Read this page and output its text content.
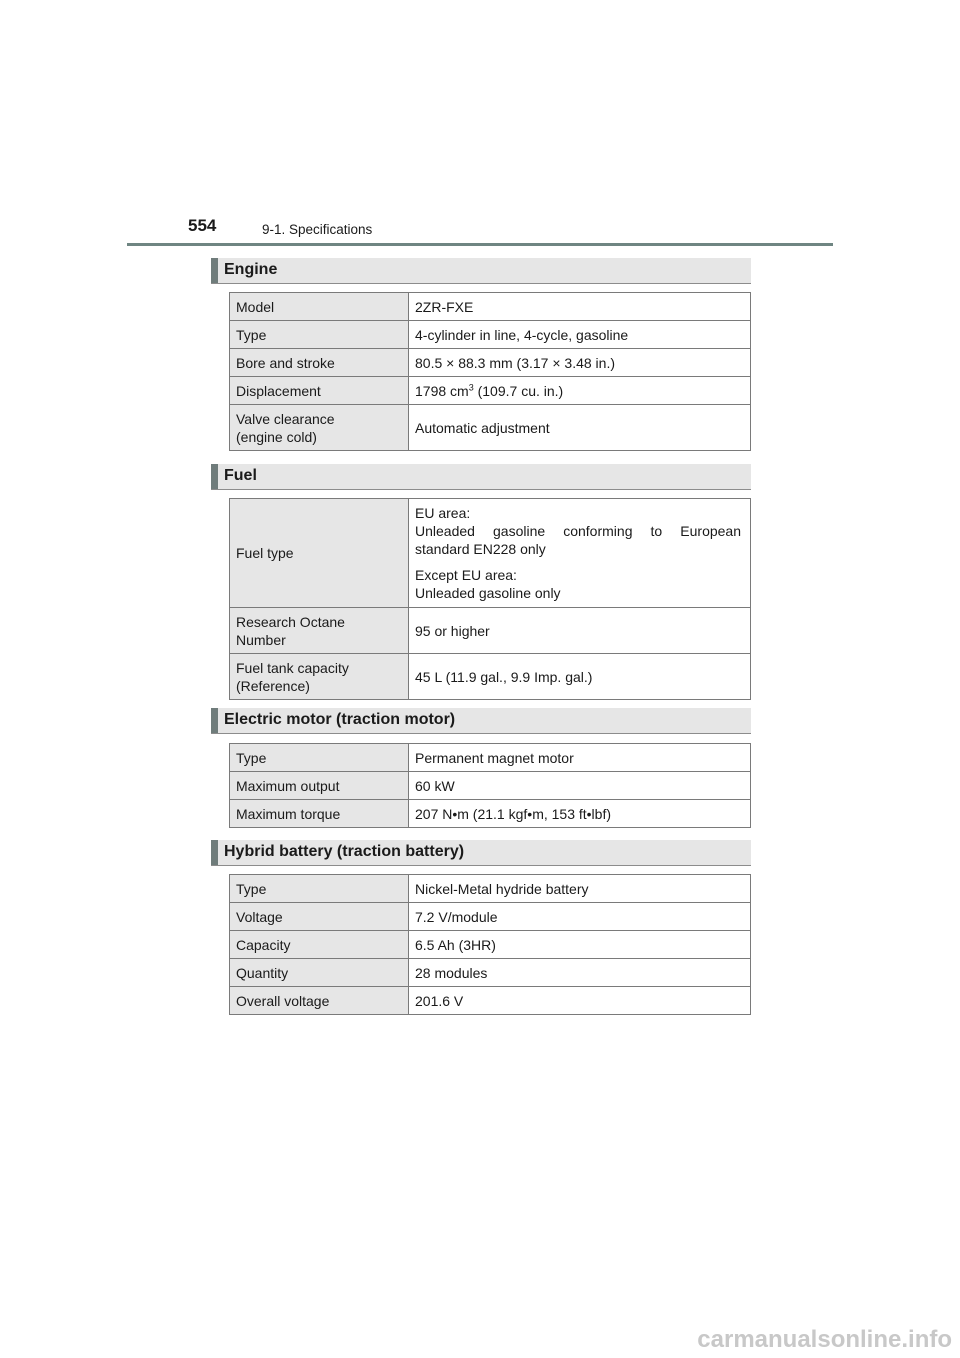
554	9-1. Specifications
Engine
Model	2ZR-FXE
Type	4-cylinder in line, 4-cycle, gasoline
Bore and stroke	80.5 × 88.3 mm (3.17 × 3.48 in.)
Displacement	1798 $cm^3$ (109.7 cu. in.)

Valve clearance
(engine cold)	Automatic adjustment
Fuel
Fuel type	EU area:
Unleaded gasoline conforming to European standard EN228 only

Except EU area:
Unleaded gasoline only

Research Octane
Number	95 or higher

Fuel tank capacity
(Reference)	45 L (11.9 gal., 9.9 Imp. gal.)
Electric motor (traction motor)
Type	Permanent magnet motor
Maximum output	60 kW
Maximum torque	207 N•m (21.1 kgf•m, 153 ft•lbf)
Hybrid battery (traction battery)
Type	Nickel-Metal hydride battery
Voltage	7.2 V/module
Capacity	6.5 Ah (3HR)
Quantity	28 modules
Overall voltage	201.6 V
carmanualsonline.info
